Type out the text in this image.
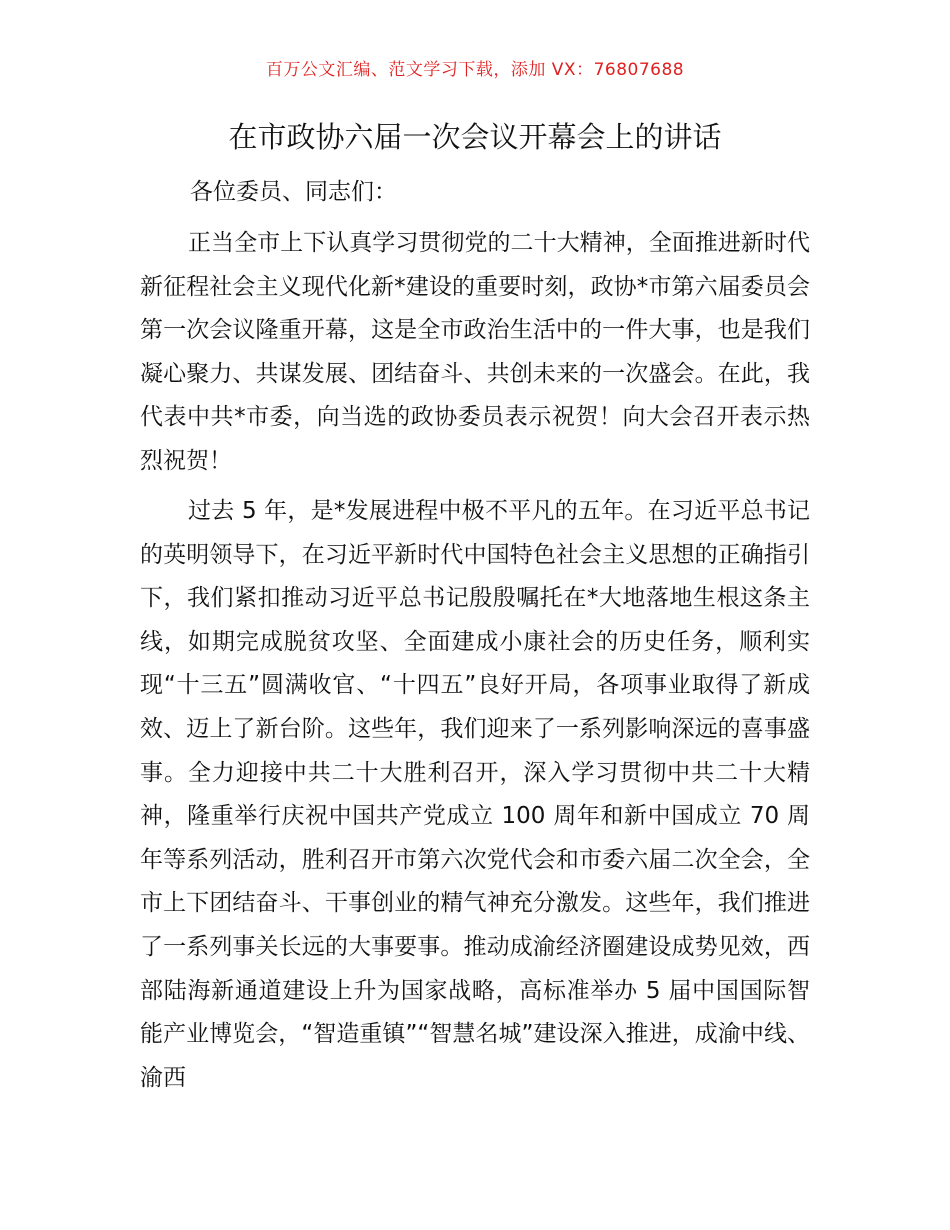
百万公文汇编、范文学习下载，添加 VX：76807688
在市政协六届一次会议开幕会上的讲话
各位委员、同志们：

正当全市上下认真学习贯彻党的二十大精神，全面推进新时代新征程社会主义现代化新*建设的重要时刻，政协*市第六届委员会第一次会议隆重开幕，这是全市政治生活中的一件大事，也是我们凝心聚力、共谋发展、团结奋斗、共创未来的一次盛会。在此，我代表中共*市委，向当选的政协委员表示祝贺！向大会召开表示热烈祝贺！

过去 5 年，是*发展进程中极不平凡的五年。在习近平总书记的英明领导下，在习近平新时代中国特色社会主义思想的正确指引下，我们紧扣推动习近平总书记殷殷嘱托在*大地落地生根这条主线，如期完成脱贫攻坚、全面建成小康社会的历史任务，顺利实现“十三五”圆满收官、“十四五”良好开局，各项事业取得了新成效、迈上了新台阶。这些年，我们迎来了一系列影响深远的喜事盛事。全力迎接中共二十大胜利召开，深入学习贯彻中共二十大精神，隆重举行庆祝中国共产党成立 100 周年和新中国成立 70 周年等系列活动，胜利召开市第六次党代会和市委六届二次全会，全市上下团结奋斗、干事创业的精气神充分激发。这些年，我们推进了一系列事关长远的大事要事。推动成渝经济圈建设成势见效，西部陆海新通道建设上升为国家战略，高标准举办 5 届中国国际智能产业博览会，“智造重镇”“智慧名城”建设深入推进，成渝中线、渝西
